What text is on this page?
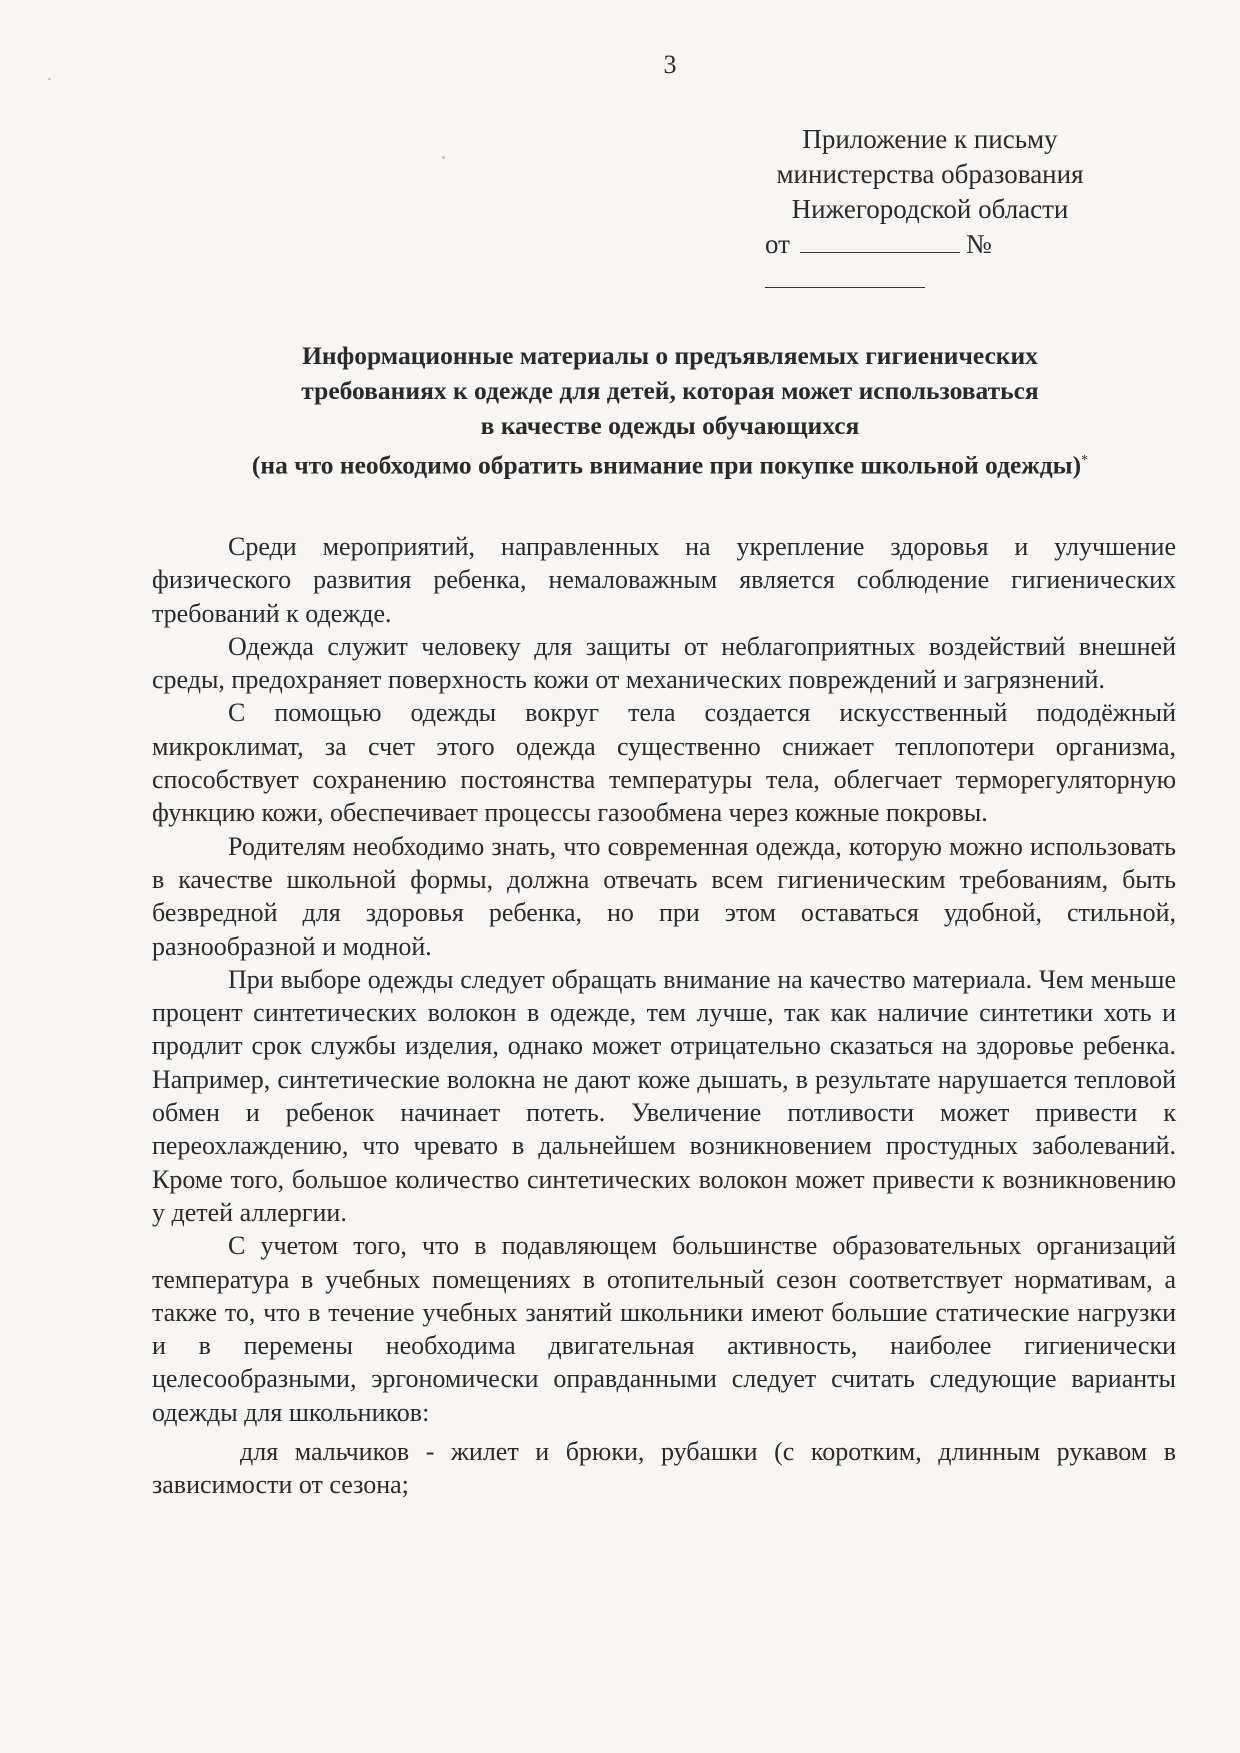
3
Приложение к письму
министерства образования
Нижегородской области
от	№
Информационные материалы о предъявляемых гигиенических
требованиях к одежде для детей, которая может использоваться
в качестве одежды обучающихся
(на что необходимо обратить внимание при покупке школьной одежды)*

Среди мероприятий, направленных на укрепление здоровья и улучшение физического развития ребенка, немаловажным является соблюдение гигиенических требований к одежде.

Одежда служит человеку для защиты от неблагоприятных воздействий внешней среды, предохраняет поверхность кожи от механических повреждений и загрязнений.

С помощью одежды вокруг тела создается искусственный пододёжный микроклимат, за счет этого одежда существенно снижает теплопотери организма, способствует сохранению постоянства температуры тела, облегчает терморегуляторную функцию кожи, обеспечивает процессы газообмена через кожные покровы.

Родителям необходимо знать, что современная одежда, которую можно использовать в качестве школьной формы, должна отвечать всем гигиеническим требованиям, быть безвредной для здоровья ребенка, но при этом оставаться удобной, стильной, разнообразной и модной.

При выборе одежды следует обращать внимание на качество материала. Чем меньше процент синтетических волокон в одежде, тем лучше, так как наличие синтетики хоть и продлит срок службы изделия, однако может отрицательно сказаться на здоровье ребенка. Например, синтетические волокна не дают коже дышать, в результате нарушается тепловой обмен и ребенок начинает потеть. Увеличение потливости может привести к переохлаждению, что чревато в дальнейшем возникновением простудных заболеваний. Кроме того, большое количество синтетических волокон может привести к возникновению у детей аллергии.

С учетом того, что в подавляющем большинстве образовательных организаций температура в учебных помещениях в отопительный сезон соответствует нормативам, а также то, что в течение учебных занятий школьники имеют большие статические нагрузки и в перемены необходима двигательная активность, наиболее гигиенически целесообразными, эргономически оправданными следует считать следующие варианты одежды для школьников:

для мальчиков - жилет и брюки, рубашки (с коротким, длинным рукавом в зависимости от сезона;
